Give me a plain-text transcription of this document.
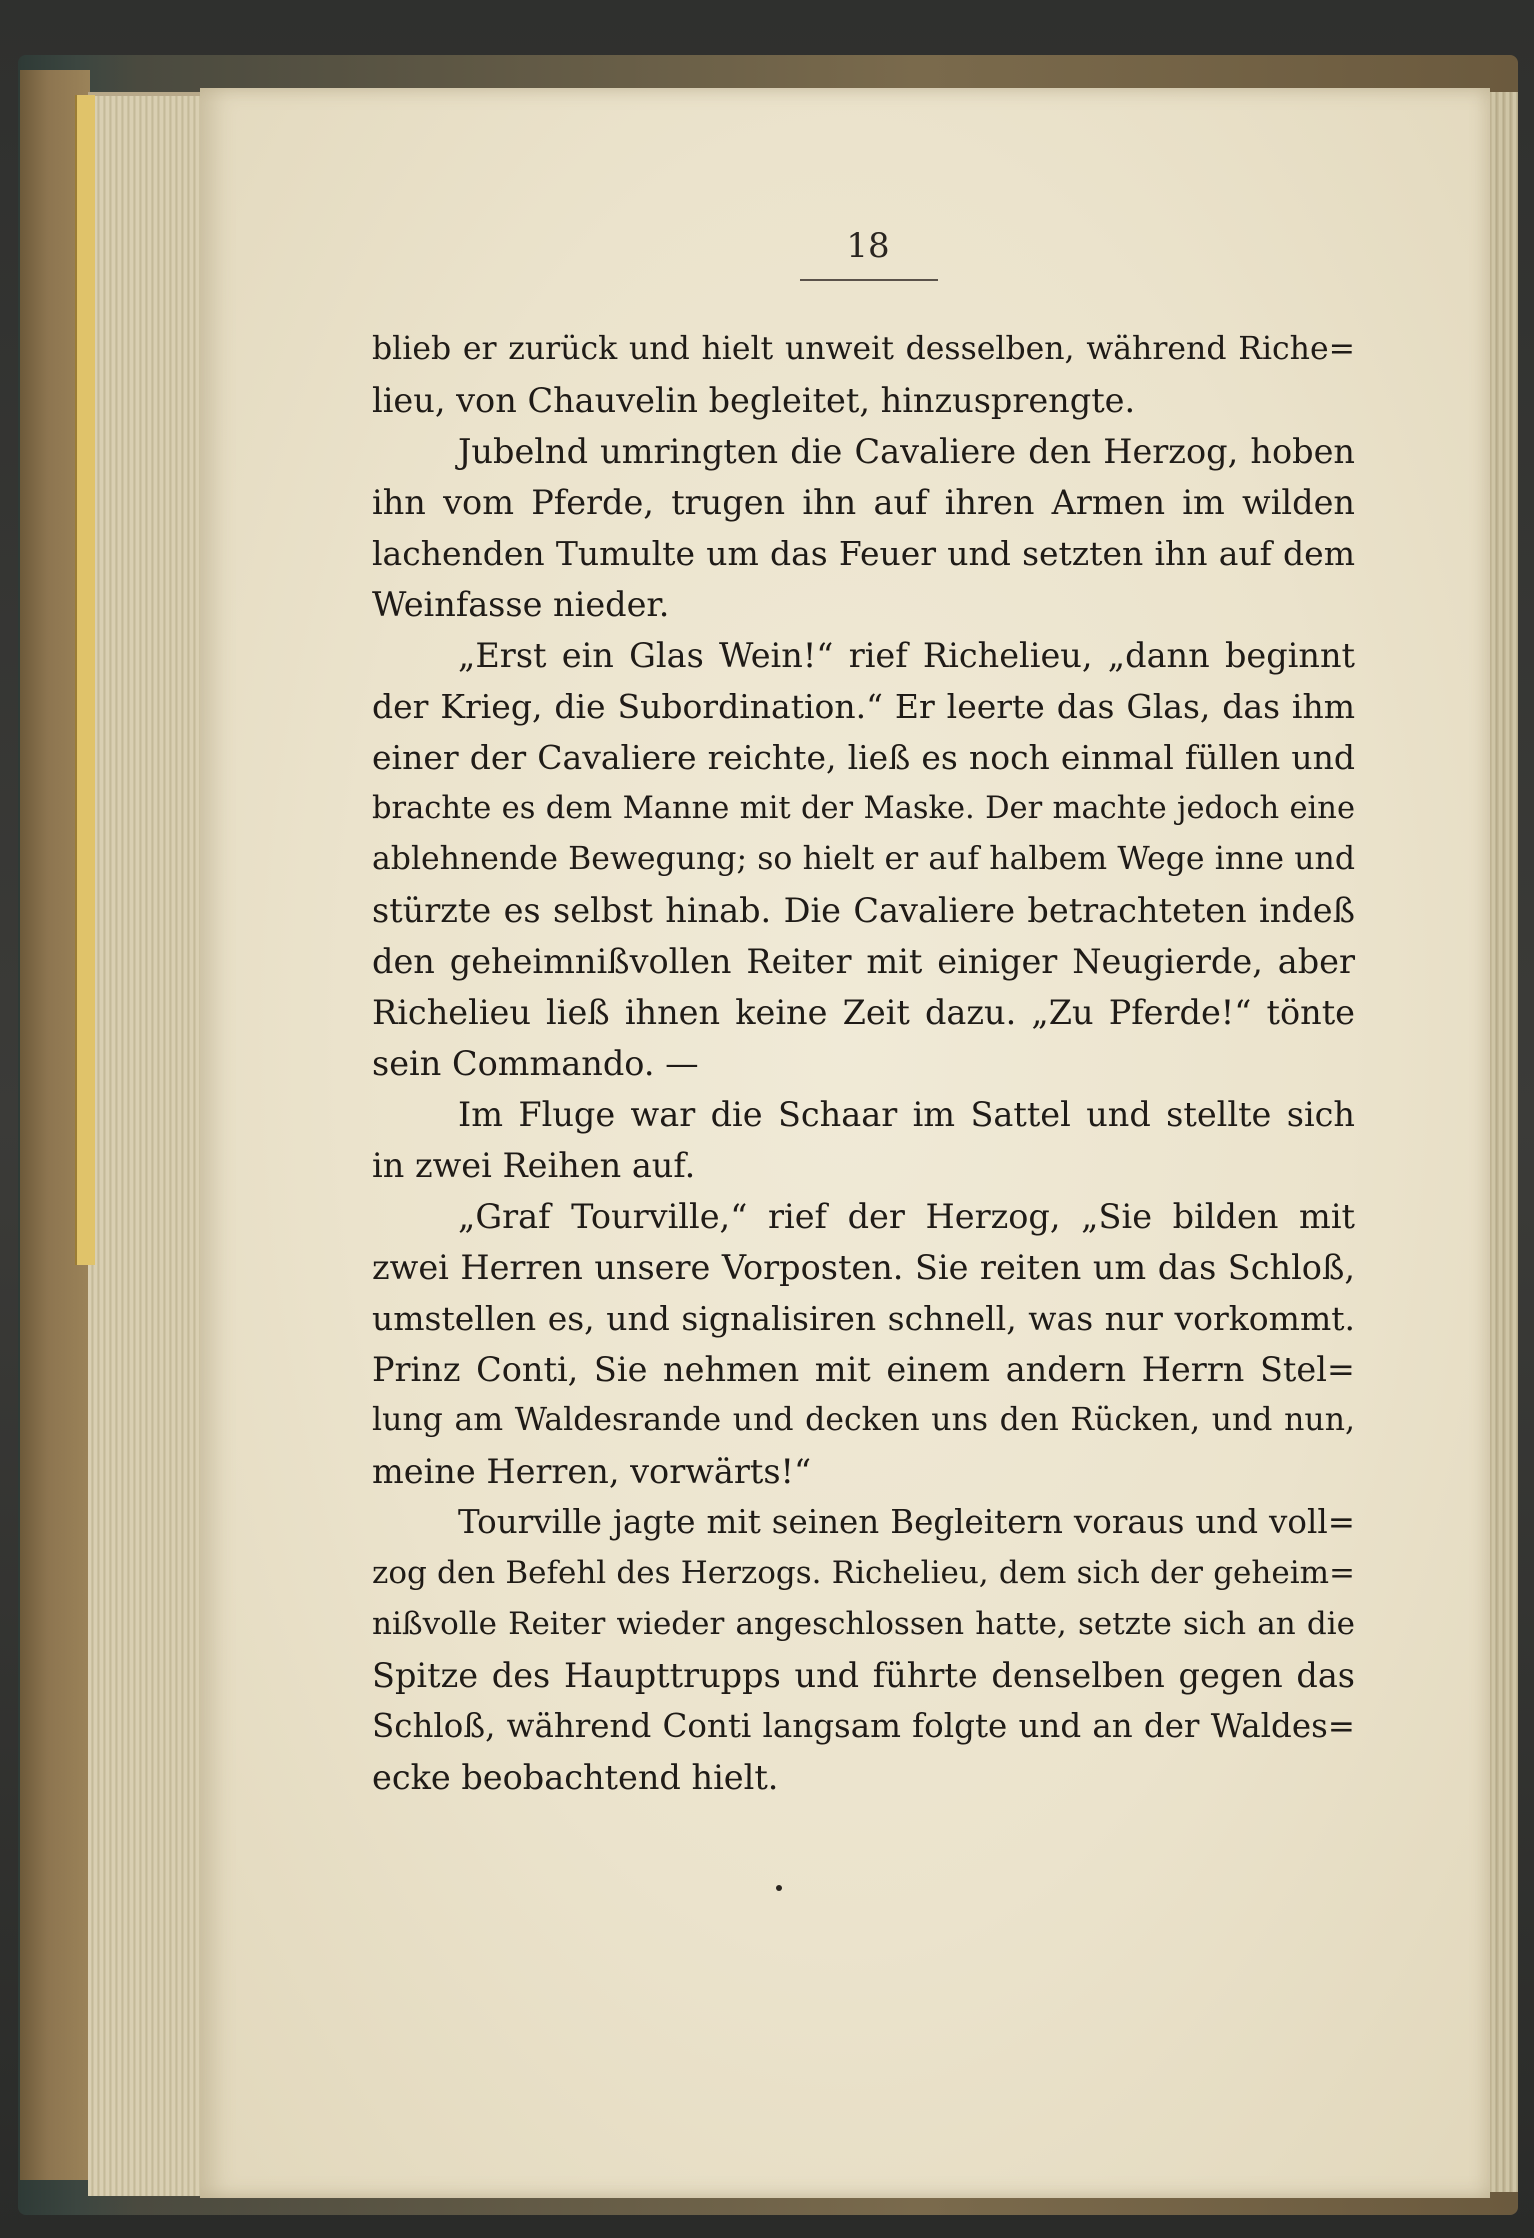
18
blieb er zurück und hielt unweit desselben, während Riche=
lieu, von Chauvelin begleitet, hinzusprengte.
Jubelnd umringten die Cavaliere den Herzog, hoben
ihn vom Pferde, trugen ihn auf ihren Armen im wilden
lachenden Tumulte um das Feuer und setzten ihn auf dem
Weinfasse nieder.
„Erst ein Glas Wein!“ rief Richelieu, „dann beginnt
der Krieg, die Subordination.“ Er leerte das Glas, das ihm
einer der Cavaliere reichte, ließ es noch einmal füllen und
brachte es dem Manne mit der Maske. Der machte jedoch eine
ablehnende Bewegung; so hielt er auf halbem Wege inne und
stürzte es selbst hinab. Die Cavaliere betrachteten indeß
den geheimnißvollen Reiter mit einiger Neugierde, aber
Richelieu ließ ihnen keine Zeit dazu. „Zu Pferde!“ tönte
sein Commando. —
Im Fluge war die Schaar im Sattel und stellte sich
in zwei Reihen auf.
„Graf Tourville,“ rief der Herzog, „Sie bilden mit
zwei Herren unsere Vorposten. Sie reiten um das Schloß,
umstellen es, und signalisiren schnell, was nur vorkommt.
Prinz Conti, Sie nehmen mit einem andern Herrn Stel=
lung am Waldesrande und decken uns den Rücken, und nun,
meine Herren, vorwärts!“
Tourville jagte mit seinen Begleitern voraus und voll=
zog den Befehl des Herzogs. Richelieu, dem sich der geheim=
nißvolle Reiter wieder angeschlossen hatte, setzte sich an die
Spitze des Haupttrupps und führte denselben gegen das
Schloß, während Conti langsam folgte und an der Waldes=
ecke beobachtend hielt.
